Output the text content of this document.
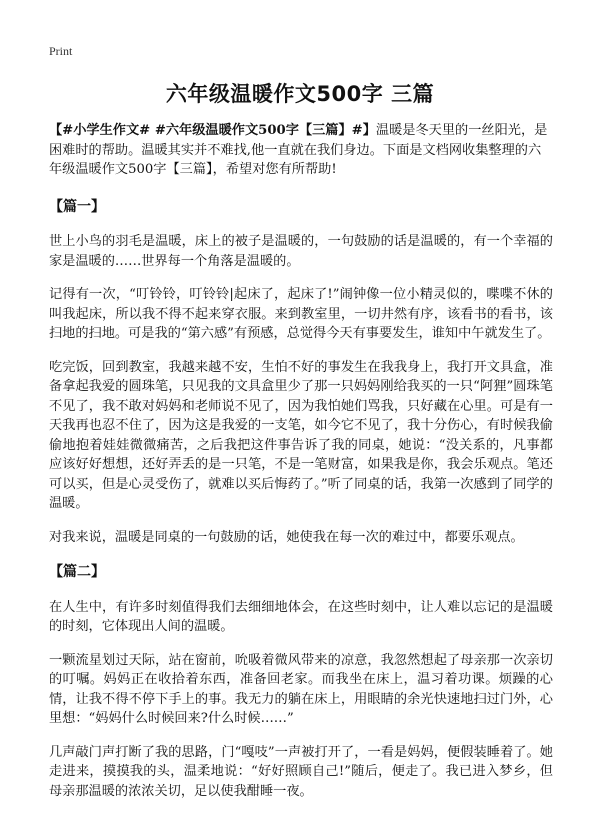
Print
六年级温暖作文500字 三篇

【#小学生作文# #六年级温暖作文500字【三篇】#】温暖是冬天里的一丝阳光，是困难时的帮助。温暖其实并不难找,他一直就在我们身边。下面是文档网收集整理的六年级温暖作文500字【三篇】，希望对您有所帮助!

【篇一】

世上小鸟的羽毛是温暖，床上的被子是温暖的，一句鼓励的话是温暖的，有一个幸福的家是温暖的……世界每一个角落是温暖的。

记得有一次，“叮铃铃，叮铃铃|起床了，起床了!”闹钟像一位小精灵似的，喋喋不休的叫我起床，所以我不得不起来穿衣服。来到教室里，一切井然有序，该看书的看书，该扫地的扫地。可是我的“第六感”有预感，总觉得今天有事要发生，谁知中午就发生了。

吃完饭，回到教室，我越来越不安，生怕不好的事发生在我我身上，我打开文具盒，准备拿起我爱的圆珠笔，只见我的文具盒里少了那一只妈妈刚给我买的一只“阿狸”圆珠笔不见了，我不敢对妈妈和老师说不见了，因为我怕她们骂我，只好藏在心里。可是有一天我再也忍不住了，因为这是我爱的一支笔，如今它不见了，我十分伤心，有时候我偷偷地抱着娃娃微微痛苦，之后我把这件事告诉了我的同桌，她说：“没关系的，凡事都应该好好想想，还好弄丢的是一只笔，不是一笔财富，如果我是你，我会乐观点。笔还可以买，但是心灵受伤了，就难以买后悔药了。”听了同桌的话，我第一次感到了同学的温暖。

对我来说，温暖是同桌的一句鼓励的话，她使我在每一次的难过中，都要乐观点。

【篇二】

在人生中，有许多时刻值得我们去细细地体会，在这些时刻中，让人难以忘记的是温暖的时刻，它体现出人间的温暖。

一颗流星划过天际，站在窗前，吮吸着微风带来的凉意，我忽然想起了母亲那一次亲切的叮嘱。妈妈正在收拾着东西，准备回老家。而我坐在床上，温习着功课。烦躁的心情，让我不得不停下手上的事。我无力的躺在床上，用眼睛的余光快速地扫过门外，心里想：“妈妈什么时候回来?什么时候……”

几声敲门声打断了我的思路，门“嘎吱”一声被打开了，一看是妈妈，便假装睡着了。她走进来，摸摸我的头，温柔地说：“好好照顾自己!”随后，便走了。我已进入梦乡，但母亲那温暖的浓浓关切，足以使我酣睡一夜。
